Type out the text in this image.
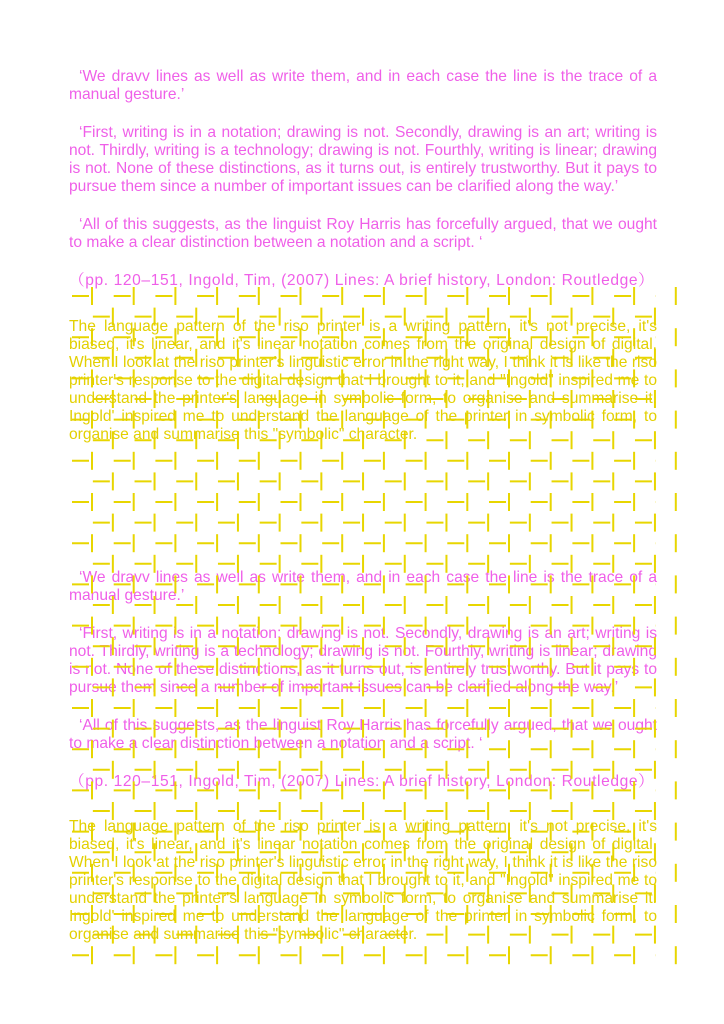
‘We dravv lines as well as write them, and in each case the line is the trace of a manual gesture.’

‘First, writing is in a notation; drawing is not. Secondly, drawing is an art; writing is not. Thirdly, writing is a technology; drawing is not. Fourthly, writing is linear; drawing is not. None of these distinctions, as it turns out, is entirely trustworthy. But it pays to pursue them since a number of important issues can be clarified along the way.’

‘All of this suggests, as the linguist Roy Harris has forcefully argued, that we ought to make a clear distinction between a notation and a script. ‘

（pp. 120–151, Ingold, Tim, (2007) Lines: A brief history, London: Routledge）

The language pattern of the riso printer is a writing pattern, it's not precise, it's biased, it's linear, and it's linear notation comes from the original design of digital. When I look at the riso printer's linguistic error in the right way, I think it is like the riso printer's response to the digital design that I brought to it, and "Ingold" inspired me to understand the printer's language in symbolic form, to organise and summarise it. Ingold' inspired me to understand the language of the printer in symbolic form, to organise and summarise this "symbolic" character.

‘We dravv lines as well as write them, and in each case the line is the trace of a manual gesture.’

‘First, writing is in a notation; drawing is not. Secondly, drawing is an art; writing is not. Thirdly, writing is a technology; drawing is not. Fourthly, writing is linear; drawing is not. None of these distinctions, as it turns out, is entirely trustworthy. But it pays to pursue them since a number of important issues can be clarified along the way.’

‘All of this suggests, as the linguist Roy Harris has forcefully argued, that we ought to make a clear distinction between a notation and a script. ‘

（pp. 120–151, Ingold, Tim, (2007) Lines: A brief history, London: Routledge）

The language pattern of the riso printer is a writing pattern, it's not precise, it's biased, it's linear, and it's linear notation comes from the original design of digital. When I look at the riso printer's linguistic error in the right way, I think it is like the riso printer's response to the digital design that I brought to it, and "Ingold" inspired me to understand the printer's language in symbolic form, to organise and summarise it. Ingold' inspired me to understand the language of the printer in symbolic form, to organise and summarise this "symbolic" character.
